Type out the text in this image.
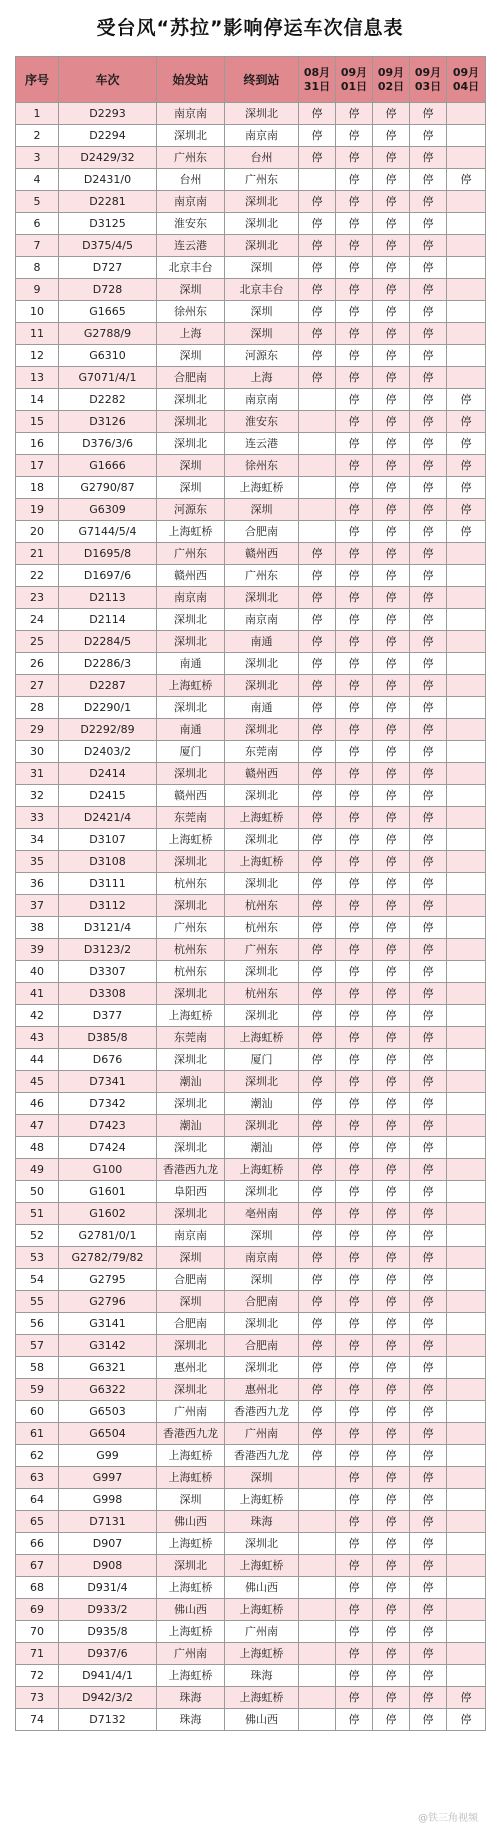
受台风“苏拉”影响停运车次信息表
序号	车次	始发站	终到站	08月
31日	09月
01日	09月
02日	09月
03日	09月
04日
1	D2293	南京南	深圳北	停	停	停	停	
2	D2294	深圳北	南京南	停	停	停	停	
3	D2429/32	广州东	台州	停	停	停	停	
4	D2431/0	台州	广州东		停	停	停	停
5	D2281	南京南	深圳北	停	停	停	停	
6	D3125	淮安东	深圳北	停	停	停	停	
7	D375/4/5	连云港	深圳北	停	停	停	停	
8	D727	北京丰台	深圳	停	停	停	停	
9	D728	深圳	北京丰台	停	停	停	停	
10	G1665	徐州东	深圳	停	停	停	停	
11	G2788/9	上海	深圳	停	停	停	停	
12	G6310	深圳	河源东	停	停	停	停	
13	G7071/4/1	合肥南	上海	停	停	停	停	
14	D2282	深圳北	南京南		停	停	停	停
15	D3126	深圳北	淮安东		停	停	停	停
16	D376/3/6	深圳北	连云港		停	停	停	停
17	G1666	深圳	徐州东		停	停	停	停
18	G2790/87	深圳	上海虹桥		停	停	停	停
19	G6309	河源东	深圳		停	停	停	停
20	G7144/5/4	上海虹桥	合肥南		停	停	停	停
21	D1695/8	广州东	赣州西	停	停	停	停	
22	D1697/6	赣州西	广州东	停	停	停	停	
23	D2113	南京南	深圳北	停	停	停	停	
24	D2114	深圳北	南京南	停	停	停	停	
25	D2284/5	深圳北	南通	停	停	停	停	
26	D2286/3	南通	深圳北	停	停	停	停	
27	D2287	上海虹桥	深圳北	停	停	停	停	
28	D2290/1	深圳北	南通	停	停	停	停	
29	D2292/89	南通	深圳北	停	停	停	停	
30	D2403/2	厦门	东莞南	停	停	停	停	
31	D2414	深圳北	赣州西	停	停	停	停	
32	D2415	赣州西	深圳北	停	停	停	停	
33	D2421/4	东莞南	上海虹桥	停	停	停	停	
34	D3107	上海虹桥	深圳北	停	停	停	停	
35	D3108	深圳北	上海虹桥	停	停	停	停	
36	D3111	杭州东	深圳北	停	停	停	停	
37	D3112	深圳北	杭州东	停	停	停	停	
38	D3121/4	广州东	杭州东	停	停	停	停	
39	D3123/2	杭州东	广州东	停	停	停	停	
40	D3307	杭州东	深圳北	停	停	停	停	
41	D3308	深圳北	杭州东	停	停	停	停	
42	D377	上海虹桥	深圳北	停	停	停	停	
43	D385/8	东莞南	上海虹桥	停	停	停	停	
44	D676	深圳北	厦门	停	停	停	停	
45	D7341	潮汕	深圳北	停	停	停	停	
46	D7342	深圳北	潮汕	停	停	停	停	
47	D7423	潮汕	深圳北	停	停	停	停	
48	D7424	深圳北	潮汕	停	停	停	停	
49	G100	香港西九龙	上海虹桥	停	停	停	停	
50	G1601	阜阳西	深圳北	停	停	停	停	
51	G1602	深圳北	亳州南	停	停	停	停	
52	G2781/0/1	南京南	深圳	停	停	停	停	
53	G2782/79/82	深圳	南京南	停	停	停	停	
54	G2795	合肥南	深圳	停	停	停	停	
55	G2796	深圳	合肥南	停	停	停	停	
56	G3141	合肥南	深圳北	停	停	停	停	
57	G3142	深圳北	合肥南	停	停	停	停	
58	G6321	惠州北	深圳北	停	停	停	停	
59	G6322	深圳北	惠州北	停	停	停	停	
60	G6503	广州南	香港西九龙	停	停	停	停	
61	G6504	香港西九龙	广州南	停	停	停	停	
62	G99	上海虹桥	香港西九龙	停	停	停	停	
63	G997	上海虹桥	深圳		停	停	停	
64	G998	深圳	上海虹桥		停	停	停	
65	D7131	佛山西	珠海		停	停	停	
66	D907	上海虹桥	深圳北		停	停	停	
67	D908	深圳北	上海虹桥		停	停	停	
68	D931/4	上海虹桥	佛山西		停	停	停	
69	D933/2	佛山西	上海虹桥		停	停	停	
70	D935/8	上海虹桥	广州南		停	停	停	
71	D937/6	广州南	上海虹桥		停	停	停	
72	D941/4/1	上海虹桥	珠海		停	停	停	
73	D942/3/2	珠海	上海虹桥		停	停	停	停
74	D7132	珠海	佛山西		停	停	停	停
@铁三角视频
